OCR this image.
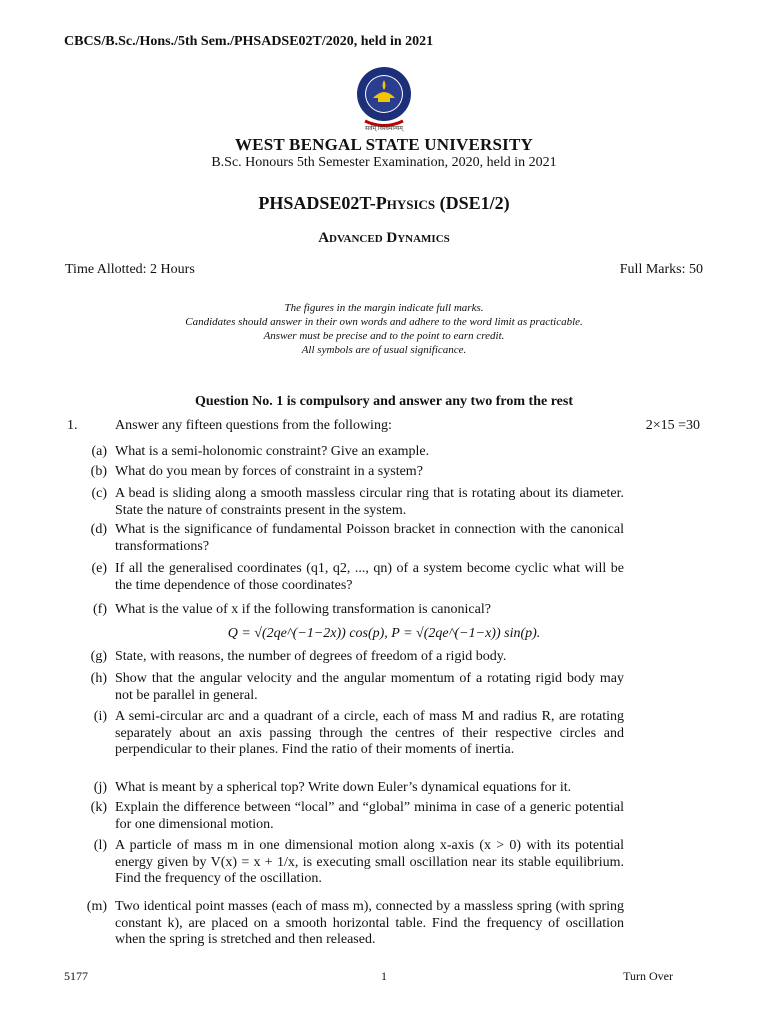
CBCS/B.Sc./Hons./5th Sem./PHSADSE02T/2020, held in 2021
सर्वम् विश्वमान्यम्
WEST BENGAL STATE UNIVERSITY
B.Sc. Honours 5th Semester Examination, 2020, held in 2021
PHSADSE02T-Physics (DSE1/2)
Advanced Dynamics
Time Allotted: 2 Hours	Full Marks: 50
The figures in the margin indicate full marks.
Candidates should answer in their own words and adhere to the word limit as practicable.
Answer must be precise and to the point to earn credit.
All symbols are of usual significance.
Question No. 1 is compulsory and answer any two from the rest
1.	Answer any fifteen questions from the following:	2×15 =30
(a) What is a semi-holonomic constraint? Give an example.
(b) What do you mean by forces of constraint in a system?
(c) A bead is sliding along a smooth massless circular ring that is rotating about its diameter. State the nature of constraints present in the system.
(d) What is the significance of fundamental Poisson bracket in connection with the canonical transformations?
(e) If all the generalised coordinates (q1, q2, ..., qn) of a system become cyclic what will be the time dependence of those coordinates?
(f) What is the value of x if the following transformation is canonical?
Q = √(2qe^(−1−2x)) cos(p), P = √(2qe^(−1−x)) sin(p).
(g) State, with reasons, the number of degrees of freedom of a rigid body.
(h) Show that the angular velocity and the angular momentum of a rotating rigid body may not be parallel in general.
(i) A semi-circular arc and a quadrant of a circle, each of mass M and radius R, are rotating separately about an axis passing through the centres of their respective circles and perpendicular to their planes. Find the ratio of their moments of inertia.
(j) What is meant by a spherical top? Write down Euler’s dynamical equations for it.
(k) Explain the difference between “local” and “global” minima in case of a generic potential for one dimensional motion.
(l) A particle of mass m in one dimensional motion along x-axis (x > 0) with its potential energy given by V(x) = x + 1/x, is executing small oscillation near its stable equilibrium. Find the frequency of the oscillation.
(m) Two identical point masses (each of mass m), connected by a massless spring (with spring constant k), are placed on a smooth horizontal table. Find the frequency of oscillation when the spring is stretched and then released.
5177	1	Turn Over
